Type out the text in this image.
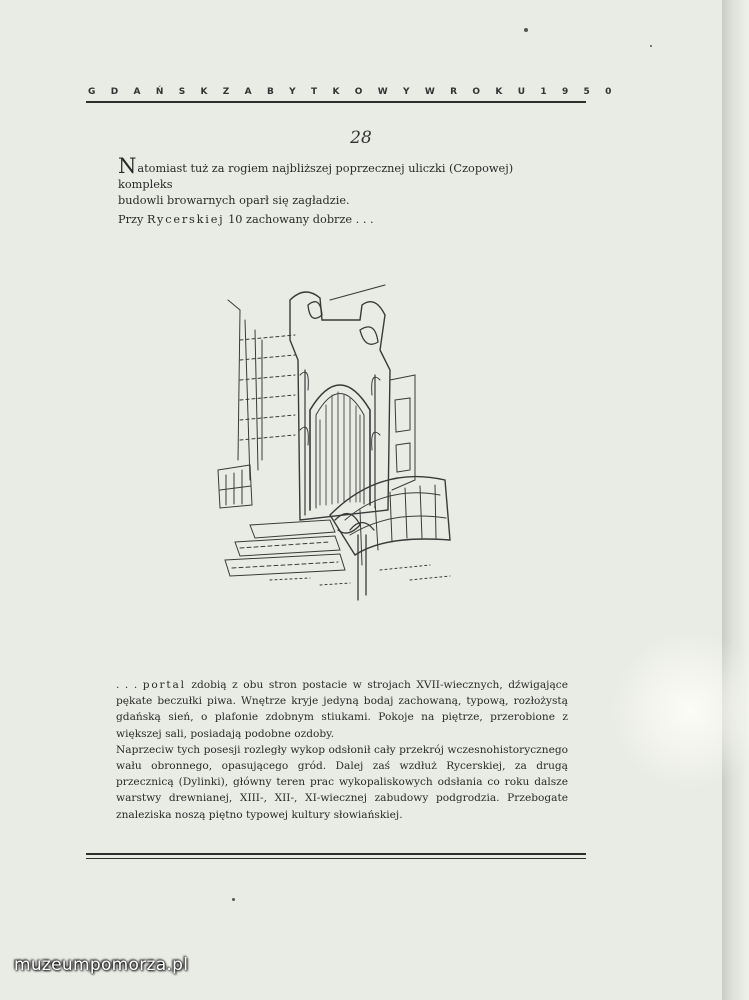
G D A Ń S K Z A B Y T K O W Y W R O K U 1 9 5 0
28
Natomiast tuż za rogiem najbliższej poprzecznej uliczki (Czopowej) kompleks
budowli browarnych oparł się zagładzie.
Przy Rycerskiej 10 zachowany dobrze . . .

. . . portal zdobią z obu stron postacie w strojach XVII-wiecznych, dźwigające pękate beczułki piwa. Wnętrze kryje jedyną bodaj zachowaną, typową, rozłożystą gdańską sień, o plafonie zdobnym stiukami. Pokoje na piętrze, przerobione z większej sali, posiadają podobne ozdoby.

Naprzeciw tych posesji rozległy wykop odsłonił cały przekrój wczesnohistorycznego wału obronnego, opasującego gród. Dalej zaś wzdłuż Rycerskiej, za drugą przecznicą (Dylinki), główny teren prac wykopaliskowych odsłania co roku dalsze warstwy drewnianej, XIII-, XII-, XI-wiecznej zabudowy podgrodzia. Przebogate znaleziska noszą piętno typowej kultury słowiańskiej.

muzeumpomorza.pl
